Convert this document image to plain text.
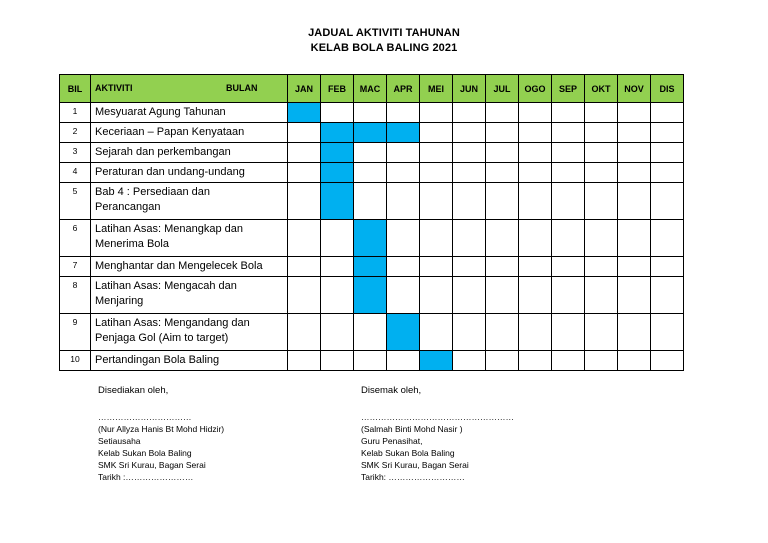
JADUAL AKTIVITI TAHUNAN
KELAB BOLA BALING 2021
BIL	AKTIVITI BULAN	JAN	FEB	MAC	APR	MEI	JUN	JUL	OGO	SEP	OKT	NOV	DIS
1	Mesyuarat Agung Tahunan												
2	Keceriaan – Papan Kenyataan												
3	Sejarah dan perkembangan												
4	Peraturan dan undang-undang												
5	Bab 4 : Persediaan dan
Perancangan												
6	Latihan Asas: Menangkap dan
Menerima Bola												
7	Menghantar dan Mengelecek Bola												
8	Latihan Asas: Mengacah dan
Menjaring												
9	Latihan Asas: Mengandang dan
Penjaga Gol (Aim to target)												
10	Pertandingan Bola Baling												
Disediakan oleh,
……………………………
(Nur Allyza Hanis Bt Mohd Hidzir)
Setiausaha
Kelab Sukan Bola Baling
SMK Sri Kurau, Bagan Serai
Tarikh :……………………
Disemak oleh,
………………………………………………
(Salmah Binti Mohd Nasir )
Guru Penasihat,
Kelab Sukan Bola Baling
SMK Sri Kurau, Bagan Serai
Tarikh: ………………………
